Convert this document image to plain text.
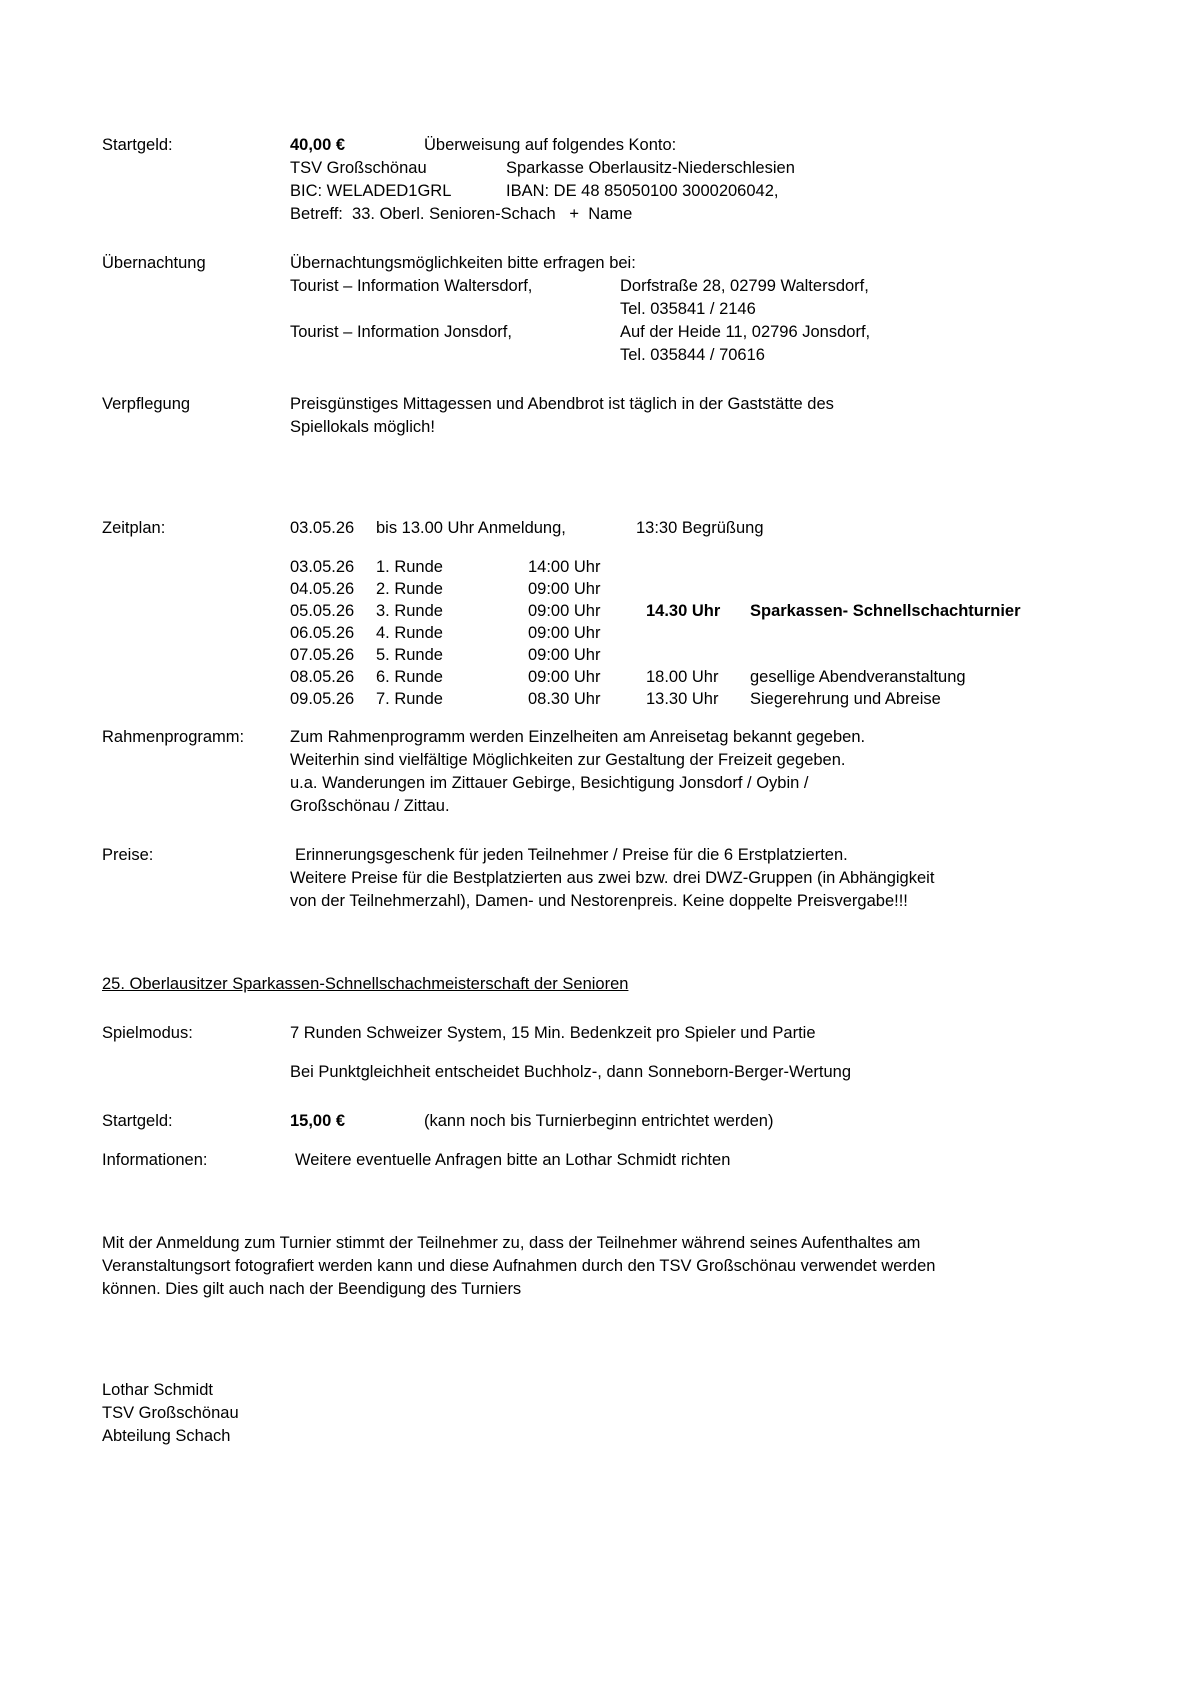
Startgeld:	40,00 €	Überweisung auf folgendes Konto:
TSV Großschönau	Sparkasse Oberlausitz-Niederschlesien
BIC: WELADED1GRL	IBAN: DE 48 85050100 3000206042,
Betreff:  33. Oberl. Senioren-Schach   +  Name
Übernachtung	Übernachtungsmöglichkeiten bitte erfragen bei:
Tourist – Information Waltersdorf,	Dorfstraße 28, 02799 Waltersdorf,
Tel. 035841 / 2146
Tourist – Information Jonsdorf,	Auf der Heide 11, 02796 Jonsdorf,
Tel. 035844 / 70616
Verpflegung	Preisgünstiges Mittagessen und Abendbrot ist täglich in der Gaststätte des
Spiellokals möglich!
Zeitplan:	03.05.26	bis 13.00 Uhr Anmeldung,	13:30 Begrüßung
03.05.26	1. Runde	14:00 Uhr		
04.05.26	2. Runde	09:00 Uhr		
05.05.26	3. Runde	09:00 Uhr	14.30 Uhr	Sparkassen- Schnellschachturnier
06.05.26	4. Runde	09:00 Uhr		
07.05.26	5. Runde	09:00 Uhr		
08.05.26	6. Runde	09:00 Uhr	18.00 Uhr	gesellige Abendveranstaltung
09.05.26	7. Runde	08.30 Uhr	13.30 Uhr	Siegerehrung und Abreise
Rahmenprogramm:	Zum Rahmenprogramm werden Einzelheiten am Anreisetag bekannt gegeben.
Weiterhin sind vielfältige Möglichkeiten zur Gestaltung der Freizeit gegeben.
u.a. Wanderungen im Zittauer Gebirge, Besichtigung Jonsdorf / Oybin /
Großschönau / Zittau.
Preise:	Erinnerungsgeschenk für jeden Teilnehmer / Preise für die 6 Erstplatzierten.
Weitere Preise für die Bestplatzierten aus zwei bzw. drei DWZ-Gruppen (in Abhängigkeit
von der Teilnehmerzahl), Damen- und Nestorenpreis. Keine doppelte Preisvergabe!!!
25. Oberlausitzer Sparkassen-Schnellschachmeisterschaft der Senioren
Spielmodus:	7 Runden Schweizer System, 15 Min. Bedenkzeit pro Spieler und Partie
Bei Punktgleichheit entscheidet Buchholz-, dann Sonneborn-Berger-Wertung
Startgeld:	15,00 €	(kann noch bis Turnierbeginn entrichtet werden)
Informationen:	Weitere eventuelle Anfragen bitte an Lothar Schmidt richten
Mit der Anmeldung zum Turnier stimmt der Teilnehmer zu, dass der Teilnehmer während seines Aufenthaltes am
Veranstaltungsort fotografiert werden kann und diese Aufnahmen durch den TSV Großschönau verwendet werden
können. Dies gilt auch nach der Beendigung des Turniers
Lothar Schmidt
TSV Großschönau
Abteilung Schach
